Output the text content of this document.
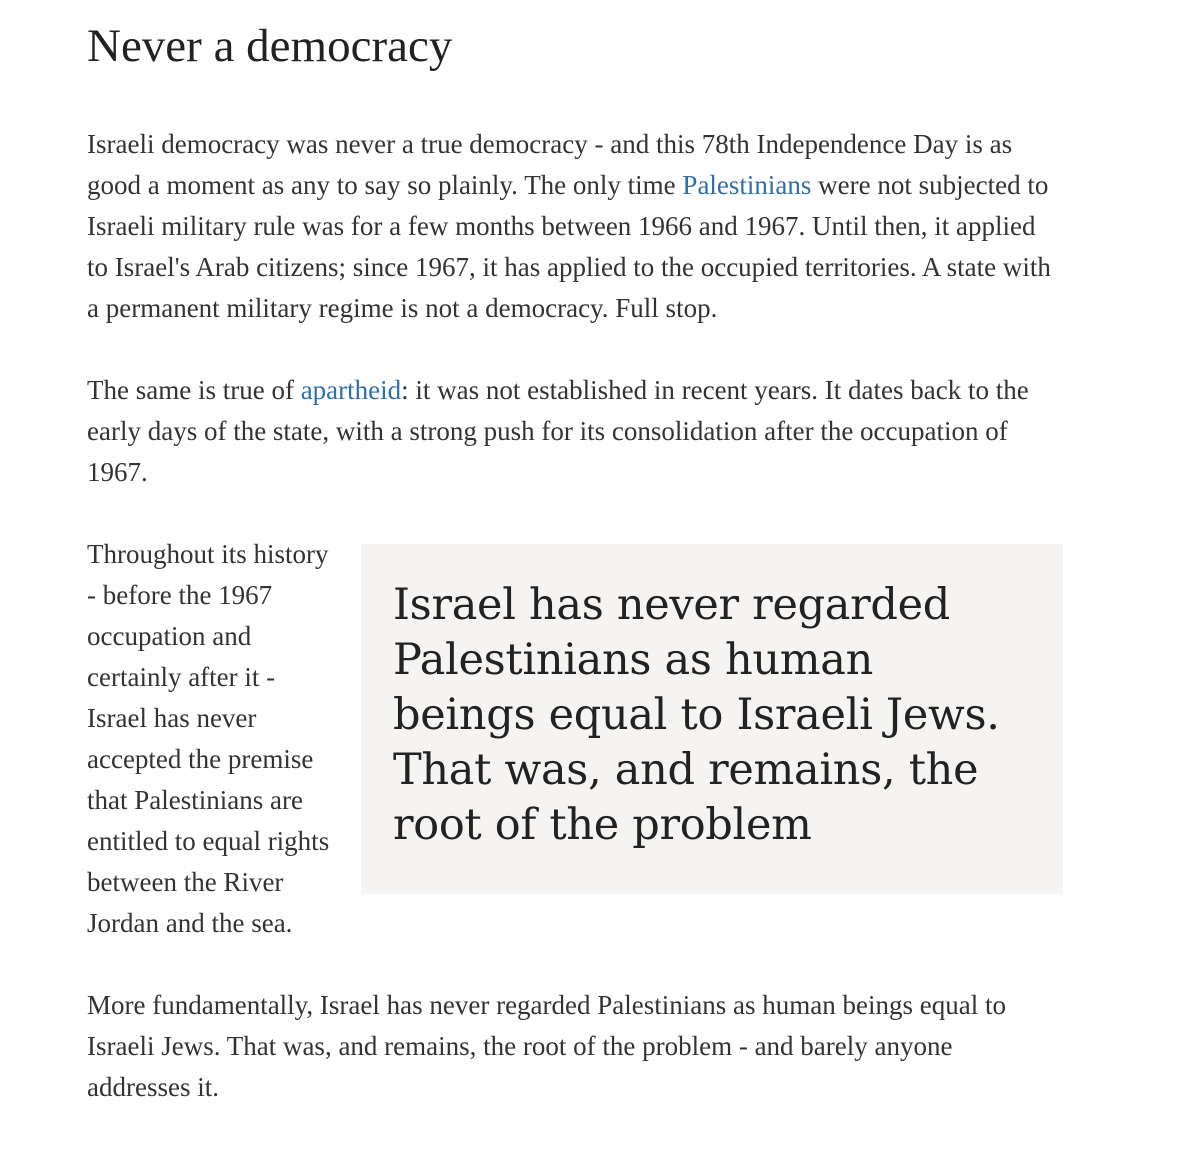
Never a democracy

Israeli democracy was never a true democracy - and this 78th Independence Day is as good a moment as any to say so plainly. The only time Palestinians were not subjected to Israeli military rule was for a few months between 1966 and 1967. Until then, it applied to Israel's Arab citizens; since 1967, it has applied to the occupied territories. A state with a permanent military regime is not a democracy. Full stop.

The same is true of apartheid: it was not established in recent years. It dates back to the early days of the state, with a strong push for its consolidation after the occupation of 1967.

Israel has never regarded Palestinians as human beings equal to Israeli Jews. That was, and remains, the root of the problem

Throughout its history - before the 1967 occupation and certainly after it - Israel has never accepted the premise that Palestinians are entitled to equal rights between the River Jordan and the sea.

More fundamentally, Israel has never regarded Palestinians as human beings equal to Israeli Jews. That was, and remains, the root of the problem - and barely anyone addresses it.
